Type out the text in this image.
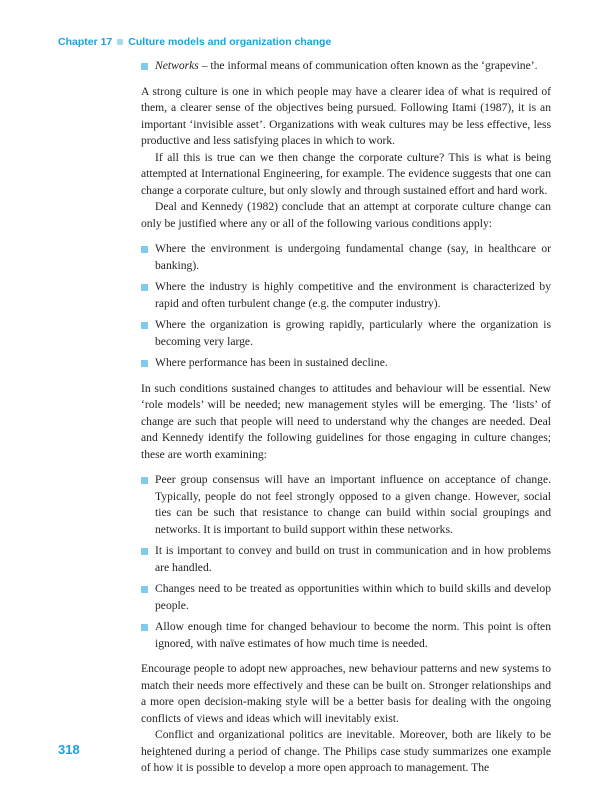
Chapter 17 Culture models and organization change
Networks – the informal means of communication often known as the ‘grapevine’.

A strong culture is one in which people may have a clearer idea of what is required of them, a clearer sense of the objectives being pursued. Following Itami (1987), it is an important ‘invisible asset’. Organizations with weak cultures may be less effective, less productive and less satisfying places in which to work.

If all this is true can we then change the corporate culture? This is what is being attempted at International Engineering, for example. The evidence suggests that one can change a corporate culture, but only slowly and through sustained effort and hard work.

Deal and Kennedy (1982) conclude that an attempt at corporate culture change can only be justified where any or all of the following various conditions apply:

Where the environment is undergoing fundamental change (say, in healthcare or banking).
Where the industry is highly competitive and the environment is characterized by rapid and often turbulent change (e.g. the computer industry).
Where the organization is growing rapidly, particularly where the organization is becoming very large.
Where performance has been in sustained decline.

In such conditions sustained changes to attitudes and behaviour will be essential. New ‘role models’ will be needed; new management styles will be emerging. The ‘lists’ of change are such that people will need to understand why the changes are needed. Deal and Kennedy identify the following guidelines for those engaging in culture changes; these are worth examining:

Peer group consensus will have an important influence on acceptance of change. Typically, people do not feel strongly opposed to a given change. However, social ties can be such that resistance to change can build within social groupings and networks. It is important to build support within these networks.
It is important to convey and build on trust in communication and in how problems are handled.
Changes need to be treated as opportunities within which to build skills and develop people.
Allow enough time for changed behaviour to become the norm. This point is often ignored, with naïve estimates of how much time is needed.

Encourage people to adopt new approaches, new behaviour patterns and new systems to match their needs more effectively and these can be built on. Stronger relationships and a more open decision-making style will be a better basis for dealing with the ongoing conflicts of views and ideas which will inevitably exist.

Conflict and organizational politics are inevitable. Moreover, both are likely to be heightened during a period of change. The Philips case study summarizes one example of how it is possible to develop a more open approach to management. The

318
